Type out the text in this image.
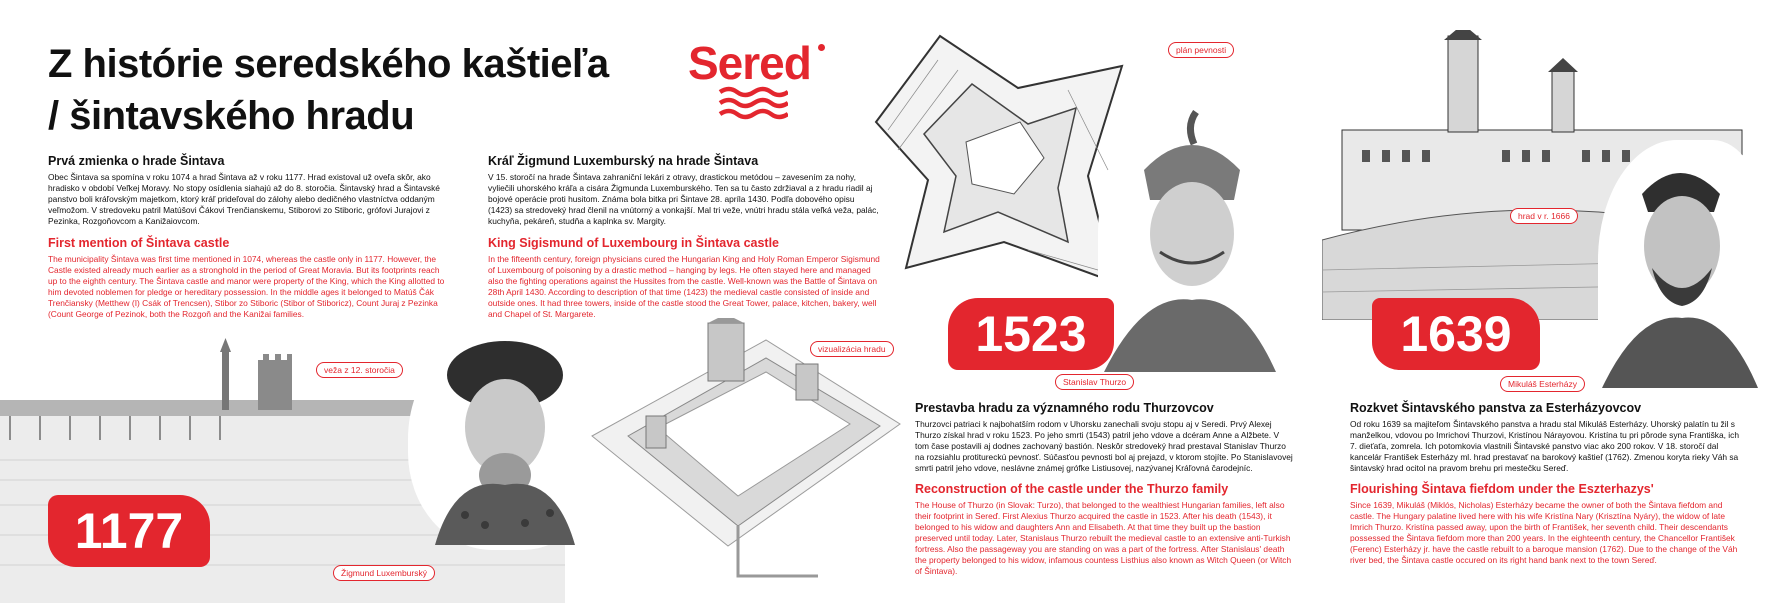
Z histórie seredského kaštieľa
/ šintavského hradu
Sered
Prvá zmienka o hrade Šintava
Obec Šintava sa spomína v roku 1074 a hrad Šintava až v roku 1177. Hrad existoval už oveľa skôr, ako hradisko v období Veľkej Moravy. No stopy osídlenia siahajú až do 8. storočia. Šintavský hrad a Šintavské panstvo boli kráľovským majetkom, ktorý kráľ prideľoval do zálohy alebo dedičného vlastníctva oddaným veľmožom. V stredoveku patril Matúšovi Čákovi Trenčianskemu, Stiborovi zo Stiboric, grófovi Jurajovi z Pezinka, Rozgoňovcom a Kanižaiovcom.
First mention of Šintava castle
The municipality Šintava was first time mentioned in 1074, whereas the castle only in 1177. However, the Castle existed already much earlier as a stronghold in the period of Great Moravia. But its footprints reach up to the eighth century. The Šintava castle and manor were property of the King, which the King allotted to him devoted noblemen for pledge or hereditary possession. In the middle ages it belonged to Matúš Čák Trenčiansky (Metthew (I) Csák of Trencsen), Stibor zo Stiboric (Stibor of Stiboricz), Count Juraj z Pezinka (Count George of Pezinok, both the Rozgoň and the Kanižai families.
Kráľ Žigmund Luxemburský na hrade Šintava
V 15. storočí na hrade Šintava zahraniční lekári z otravy, drastickou metódou – zavesením za nohy, vyliečili uhorského kráľa a cisára Žigmunda Luxemburského. Ten sa tu často zdržiaval a z hradu riadil aj bojové operácie proti husitom. Známa bola bitka pri Šintave 28. apríla 1430. Podľa dobového opisu (1423) sa stredoveký hrad členil na vnútorný a vonkajší. Mal tri veže, vnútri hradu stála veľká veža, palác, kuchyňa, pekáreň, studňa a kaplnka sv. Margity.
King Sigismund of Luxembourg in Šintava castle
In the fifteenth century, foreign physicians cured the Hungarian King and Holy Roman Emperor Sigismund of Luxembourg of poisoning by a drastic method – hanging by legs. He often stayed here and managed also the fighting operations against the Hussites from the castle. Well-known was the Battle of Šintava on 28th April 1430. According to description of that time (1423) the medieval castle consisted of inside and outside ones. It had three towers, inside of the castle stood the Great Tower, palace, kitchen, bakery, well and Chapel of St. Margarete.
1177
1523	1639
Prestavba hradu za významného rodu Thurzovcov
Thurzovci patriaci k najbohatším rodom v Uhorsku zanechali svoju stopu aj v Seredi. Prvý Alexej Thurzo získal hrad v roku 1523. Po jeho smrti (1543) patril jeho vdove a dcéram Anne a Alžbete. V tom čase postavili aj dodnes zachovaný bastión. Neskôr stredoveký hrad prestaval Stanislav Thurzo na rozsiahlu protitureckú pevnosť. Súčasťou pevnosti bol aj prejazd, v ktorom stojíte. Po Stanislavovej smrti patril jeho vdove, neslávne známej grófke Listiusovej, nazývanej Kráľovná čarodejníc.
Reconstruction of the castle under the Thurzo family
The House of Thurzo (in Slovak: Turzo), that belonged to the wealthiest Hungarian families, left also their footprint in Sereď. First Alexius Thurzo acquired the castle in 1523. After his death (1543), it belonged to his widow and daughters Ann and Elisabeth. At that time they built up the bastion preserved until today. Later, Stanislaus Thurzo rebuilt the medieval castle to an extensive anti-Turkish fortress. Also the passageway you are standing on was a part of the fortress. After Stanislaus' death the property belonged to his widow, infamous countess Listhius also known as Witch Queen (or Witch of Šintava).
Rozkvet Šintavského panstva za Esterházyovcov
Od roku 1639 sa majiteľom Šintavského panstva a hradu stal Mikuláš Esterházy. Uhorský palatín tu žil s manželkou, vdovou po Imrichovi Thurzovi, Kristínou Nárayovou. Kristína tu pri pôrode syna Františka, ich 7. dieťaťa, zomrela. Ich potomkovia vlastnili Šintavské panstvo viac ako 200 rokov. V 18. storočí dal kancelár František Esterházy ml. hrad prestavať na barokový kaštieľ (1762). Zmenou koryta rieky Váh sa šintavský hrad ocitol na pravom brehu pri mestečku Sereď.
Flourishing Šintava fiefdom under the Eszterhazys'
Since 1639, Mikuláš (Miklós, Nicholas) Esterházy became the owner of both the Šintava fiefdom and castle. The Hungary palatine lived here with his wife Kristína Nary (Krisztína Nyáry), the widow of late Imrich Thurzo. Kristína passed away, upon the birth of František, her seventh child. Their descendants possessed the Šintava fiefdom more than 200 years. In the eighteenth century, the Chancellor František (Ferenc) Esterházy jr. have the castle rebuilt to a baroque mansion (1762). Due to the change of the Váh river bed, the Šintava castle occured on its right hand bank next to the town Sereď.
veža z 12. storočia
Žigmund Luxemburský
vizualizácia hradu
plán pevnosti
Stanislav Thurzo
hrad v r. 1666
Mikuláš Esterházy
